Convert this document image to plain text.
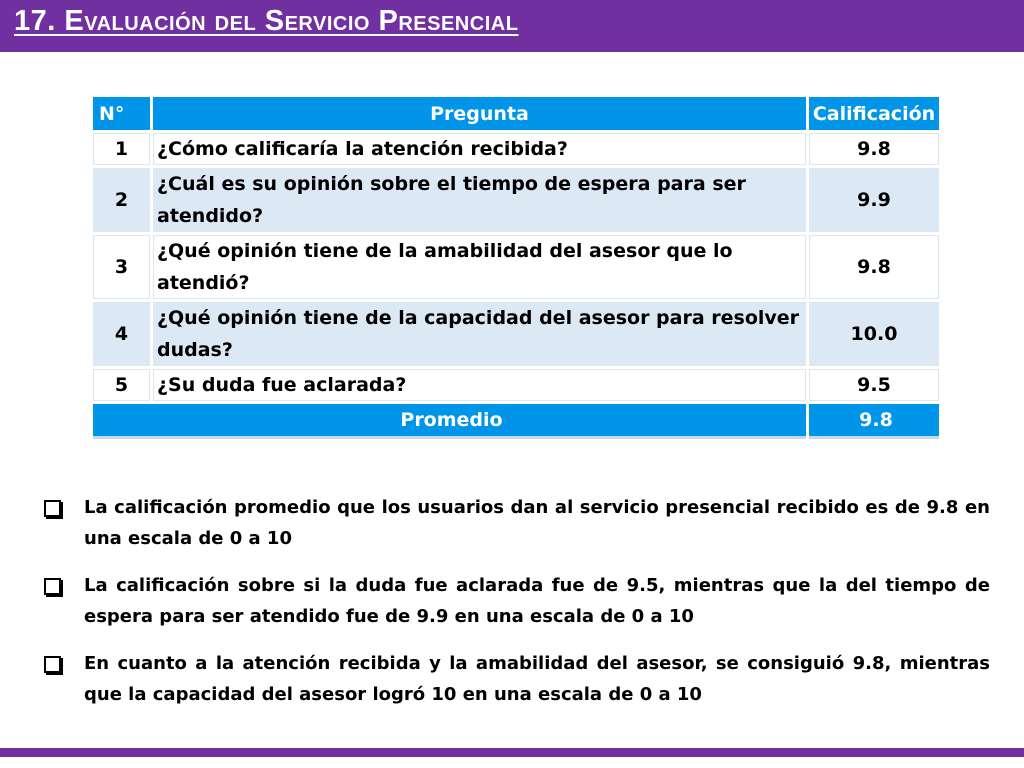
17. Evaluación del Servicio Presencial
N°	Pregunta	Calificación
1	¿Cómo calificaría la atención recibida?	9.8
2	¿Cuál es su opinión sobre el tiempo de espera para ser atendido?	9.9
3	¿Qué opinión tiene de la amabilidad del asesor que lo atendió?	9.8
4	¿Qué opinión tiene de la capacidad del asesor para resolver dudas?	10.0
5	¿Su duda fue aclarada?	9.5
Promedio		9.8
La calificación promedio que los usuarios dan al servicio presencial recibido es de 9.8 en una escala de 0 a 10
La calificación sobre si la duda fue aclarada fue de 9.5, mientras que la del tiempo de espera para ser atendido fue de 9.9 en una escala de 0 a 10
En cuanto a la atención recibida y la amabilidad del asesor, se consiguió 9.8, mientras que la capacidad del asesor logró 10 en una escala de 0 a 10
